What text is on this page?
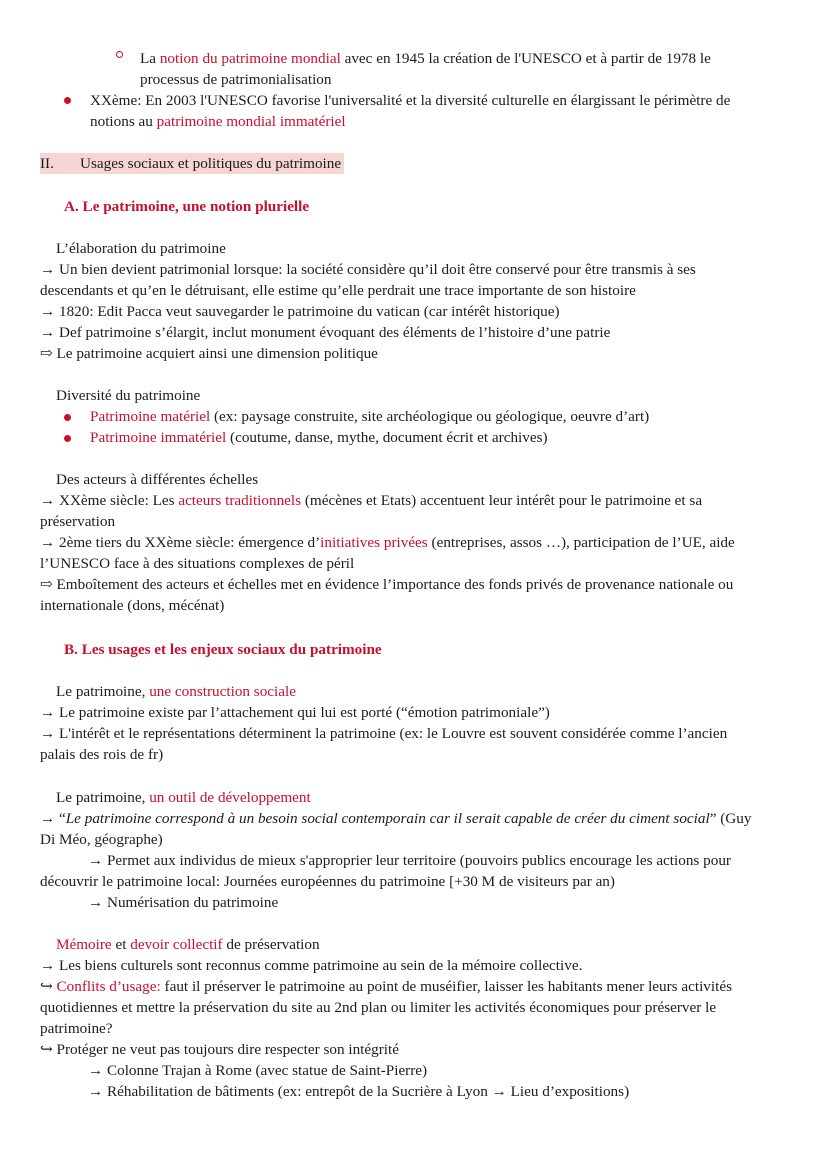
La notion du patrimoine mondial avec en 1945 la création de l'UNESCO et à partir de 1978 le
processus de patrimonialisation

XXème: En 2003 l'UNESCO favorise l'universalité et la diversité culturelle en élargissant le périmètre de
notions au patrimoine mondial immatériel

II. Usages sociaux et politiques du patrimoine

A. Le patrimoine, une notion plurielle

L’élaboration du patrimoine

→ Un bien devient patrimonial lorsque: la société considère qu’il doit être conservé pour être transmis à ses

descendants et qu’en le détruisant, elle estime qu’elle perdrait une trace importante de son histoire

→ 1820: Edit Pacca veut sauvegarder le patrimoine du vatican (car intérêt historique)

→ Def patrimoine s’élargit, inclut monument évoquant des éléments de l’histoire d’une patrie

⇨ Le patrimoine acquiert ainsi une dimension politique

Diversité du patrimoine

Patrimoine matériel (ex: paysage construite, site archéologique ou géologique, oeuvre d’art)

Patrimoine immatériel (coutume, danse, mythe, document écrit et archives)

Des acteurs à différentes échelles

→ XXème siècle: Les acteurs traditionnels (mécènes et Etats) accentuent leur intérêt pour le patrimoine et sa

préservation

→ 2ème tiers du XXème siècle: émergence d’initiatives privées (entreprises, assos …), participation de l’UE, aide

l’UNESCO face à des situations complexes de péril

⇨ Emboîtement des acteurs et échelles met en évidence l’importance des fonds privés de provenance nationale ou

internationale (dons, mécénat)

B. Les usages et les enjeux sociaux du patrimoine

Le patrimoine, une construction sociale

→ Le patrimoine existe par l’attachement qui lui est porté (“émotion patrimoniale”)

→ L'intérêt et le représentations déterminent la patrimoine (ex: le Louvre est souvent considérée comme l’ancien

palais des rois de fr)

Le patrimoine, un outil de développement

→ “Le patrimoine correspond à un besoin social contemporain car il serait capable de créer du ciment social” (Guy

Di Méo, géographe)

→ Permet aux individus de mieux s'approprier leur territoire (pouvoirs publics encourage les actions pour

découvrir le patrimoine local: Journées européennes du patrimoine [+30 M de visiteurs par an)

→ Numérisation du patrimoine

Mémoire et devoir collectif de préservation

→ Les biens culturels sont reconnus comme patrimoine au sein de la mémoire collective.

↪ Conflits d’usage: faut il préserver le patrimoine au point de muséifier, laisser les habitants mener leurs activités

quotidiennes et mettre la préservation du site au 2nd plan ou limiter les activités économiques pour préserver le

patrimoine?

↪ Protéger ne veut pas toujours dire respecter son intégrité

→ Colonne Trajan à Rome (avec statue de Saint-Pierre)

→ Réhabilitation de bâtiments (ex: entrepôt de la Sucrière à Lyon → Lieu d’expositions)
